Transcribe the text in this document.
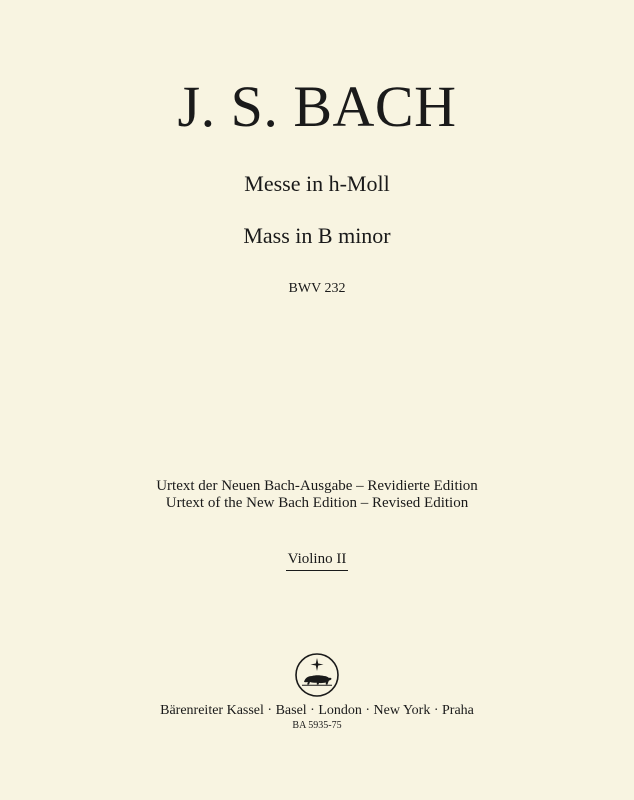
J. S. BACH
Messe in h-Moll
Mass in B minor
BWV 232
Urtext der Neuen Bach-Ausgabe – Revidierte Edition
Urtext of the New Bach Edition – Revised Edition
Violino II
Bärenreiter Kassel · Basel · London · New York · Praha
BA 5935-75
